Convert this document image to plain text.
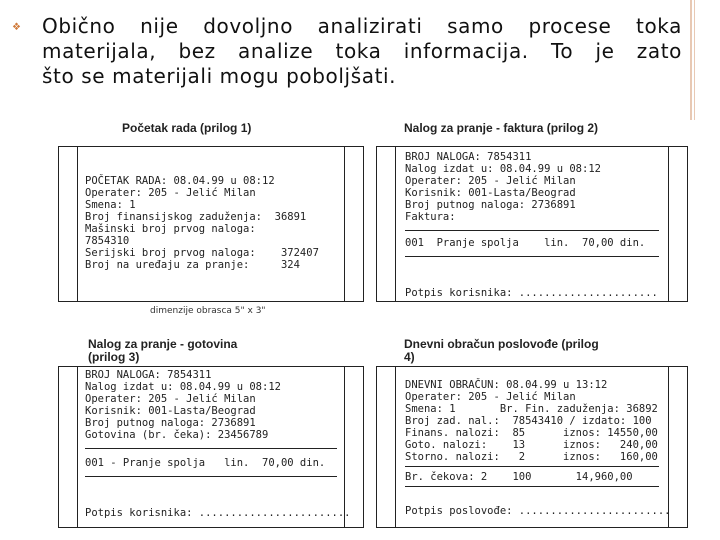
❖ Obično nije dovoljno analizirati samo procese toka
materijala, bez analize toka informacija. To je zato
što se materijali mogu poboljšati.
Početak rada (prilog 1)
POČETAK RADA: 08.04.99 u 08:12
Operater: 205 - Jelić Milan
Smena: 1
Broj finansijskog zaduženja:  36891
Mašinski broj prvog naloga:
7854310
Serijski broj prvog naloga:    372407
Broj na uređaju za pranje:     324
dimenzije obrasca 5" x 3"
Nalog za pranje - faktura (prilog 2)
BROJ NALOGA: 7854311
Nalog izdat u: 08.04.99 u 08:12
Operater: 205 - Jelić Milan
Korisnik: 001-Lasta/Beograd
Broj putnog naloga: 2736891
Faktura:
001  Pranje spolja    lin.  70,00 din.
Potpis korisnika: ......................
Nalog za pranje - gotovina
(prilog 3)
BROJ NALOGA: 7854311
Nalog izdat u: 08.04.99 u 08:12
Operater: 205 - Jelić Milan
Korisnik: 001-Lasta/Beograd
Broj putnog naloga: 2736891
Gotovina (br. čeka): 23456789
001 - Pranje spolja   lin.  70,00 din.
Potpis korisnika: ........................
Dnevni obračun poslovođe (prilog
4)
DNEVNI OBRAČUN: 08.04.99 u 13:12
Operater: 205 - Jelić Milan
Smena: 1       Br. Fin. zaduženja: 36892
Broj zad. nal.:  78543410 / izdato: 100
Finans. nalozi:  85      iznos: 14550,00
Goto. nalozi:    13      iznos:   240,00
Storno. nalozi:   2      iznos:   160,00
Br. čekova: 2    100       14,960,00
Potpis poslovođe: ........................
